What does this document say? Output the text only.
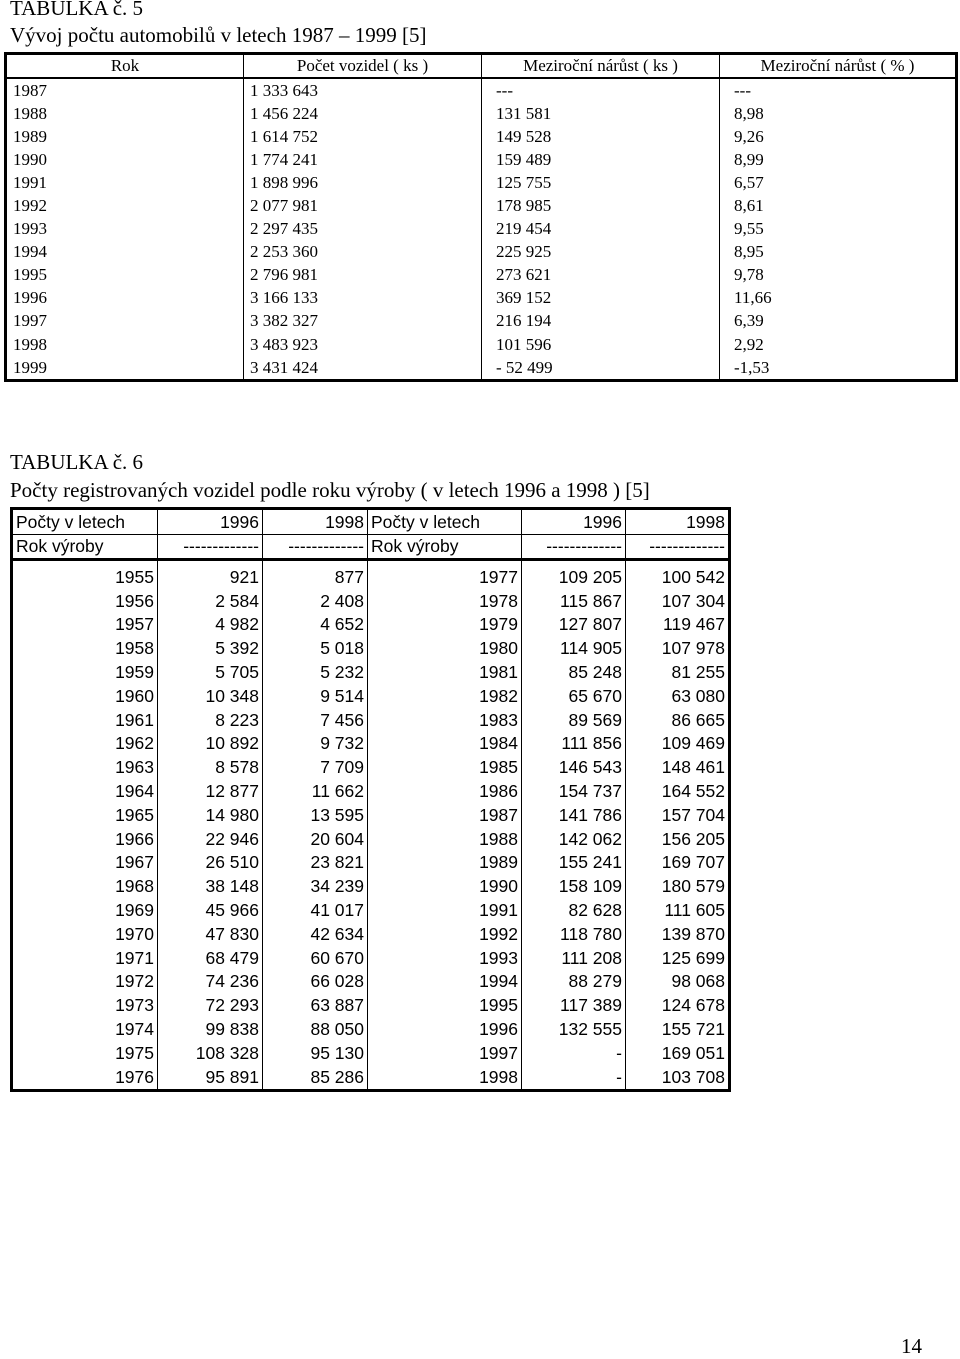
TABULKA č. 5
Vývoj počtu automobilů v letech 1987 – 1999 [5]
Rok	Počet vozidel ( ks )	Meziroční nárůst ( ks )	Meziroční nárůst ( % )
1987	1 333 643	---	---
1988	1 456 224	131 581	8,98
1989	1 614 752	149 528	9,26
1990	1 774 241	159 489	8,99
1991	1 898 996	125 755	6,57
1992	2 077 981	178 985	8,61
1993	2 297 435	219 454	9,55
1994	2 253 360	225 925	8,95
1995	2 796 981	273 621	9,78
1996	3 166 133	369 152	11,66
1997	3 382 327	216 194	6,39
1998	3 483 923	101 596	2,92
1999	3 431 424	- 52 499	-1,53
TABULKA č. 6
Počty registrovaných vozidel podle roku výroby ( v letech 1996 a 1998 ) [5]
Počty v letech	1996	1998	Počty v letech	1996	1998
Rok výroby	-------------	-------------	Rok výroby	-------------	-------------

1955	921	877	1977	109 205	100 542
1956	2 584	2 408	1978	115 867	107 304
1957	4 982	4 652	1979	127 807	119 467
1958	5 392	5 018	1980	114 905	107 978
1959	5 705	5 232	1981	85 248	81 255
1960	10 348	9 514	1982	65 670	63 080
1961	8 223	7 456	1983	89 569	86 665
1962	10 892	9 732	1984	111 856	109 469
1963	8 578	7 709	1985	146 543	148 461
1964	12 877	11 662	1986	154 737	164 552
1965	14 980	13 595	1987	141 786	157 704
1966	22 946	20 604	1988	142 062	156 205
1967	26 510	23 821	1989	155 241	169 707
1968	38 148	34 239	1990	158 109	180 579
1969	45 966	41 017	1991	82 628	111 605
1970	47 830	42 634	1992	118 780	139 870
1971	68 479	60 670	1993	111 208	125 699
1972	74 236	66 028	1994	88 279	98 068
1973	72 293	63 887	1995	117 389	124 678
1974	99 838	88 050	1996	132 555	155 721
1975	108 328	95 130	1997	-	169 051
1976	95 891	85 286	1998	-	103 708
14
